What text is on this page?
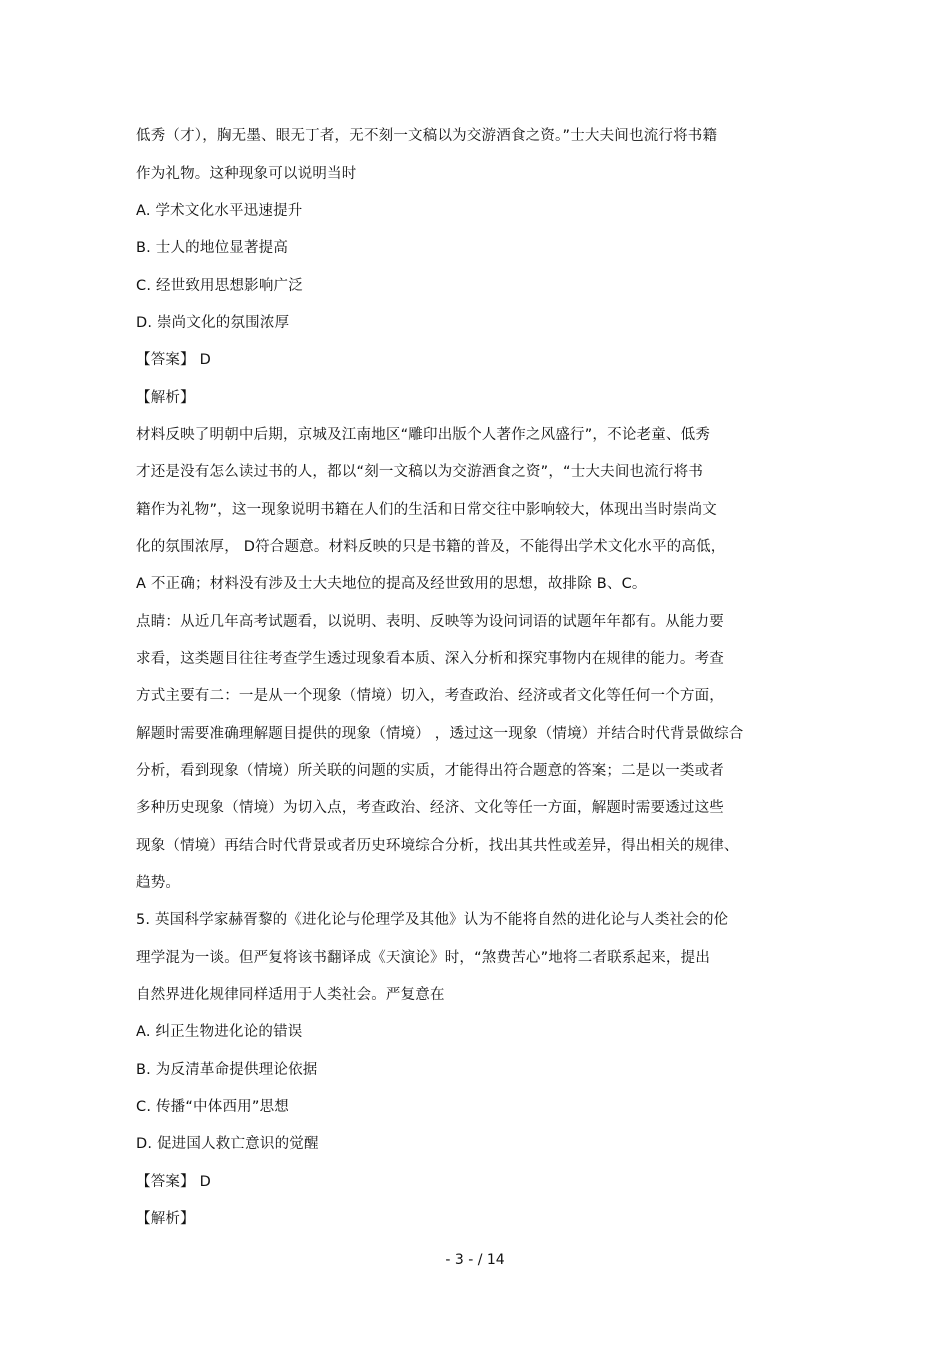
低秀（才），胸无墨、眼无丁者，无不刻一文稿以为交游酒食之资。”士大夫间也流行将书籍
作为礼物。这种现象可以说明当时
A. 学术文化水平迅速提升
B. 士人的地位显著提高
C. 经世致用思想影响广泛
D. 崇尚文化的氛围浓厚
【答案】 D
【解析】
材料反映了明朝中后期，京城及江南地区“雕印出版个人著作之风盛行”，不论老童、低秀
才还是没有怎么读过书的人，都以“刻一文稿以为交游酒食之资”，“士大夫间也流行将书
籍作为礼物”，这一现象说明书籍在人们的生活和日常交往中影响较大，体现出当时崇尚文
化的氛围浓厚， D符合题意。材料反映的只是书籍的普及，不能得出学术文化水平的高低，
A 不正确；材料没有涉及士大夫地位的提高及经世致用的思想，故排除 B、C。
点睛：从近几年高考试题看，以说明、表明、反映等为设问词语的试题年年都有。从能力要
求看，这类题目往往考查学生透过现象看本质、深入分析和探究事物内在规律的能力。考查
方式主要有二：一是从一个现象（情境）切入，考查政治、经济或者文化等任何一个方面，
解题时需要准确理解题目提供的现象（情境） ，透过这一现象（情境）并结合时代背景做综合
分析，看到现象（情境）所关联的问题的实质，才能得出符合题意的答案；二是以一类或者
多种历史现象（情境）为切入点，考查政治、经济、文化等任一方面，解题时需要透过这些
现象（情境）再结合时代背景或者历史环境综合分析，找出其共性或差异，得出相关的规律、
趋势。
5. 英国科学家赫胥黎的《进化论与伦理学及其他》认为不能将自然的进化论与人类社会的伦
理学混为一谈。但严复将该书翻译成《天演论》时，“煞费苦心”地将二者联系起来，提出
自然界进化规律同样适用于人类社会。严复意在
A. 纠正生物进化论的错误
B. 为反清革命提供理论依据
C. 传播“中体西用”思想
D. 促进国人救亡意识的觉醒
【答案】 D
【解析】
- 3 - / 14
